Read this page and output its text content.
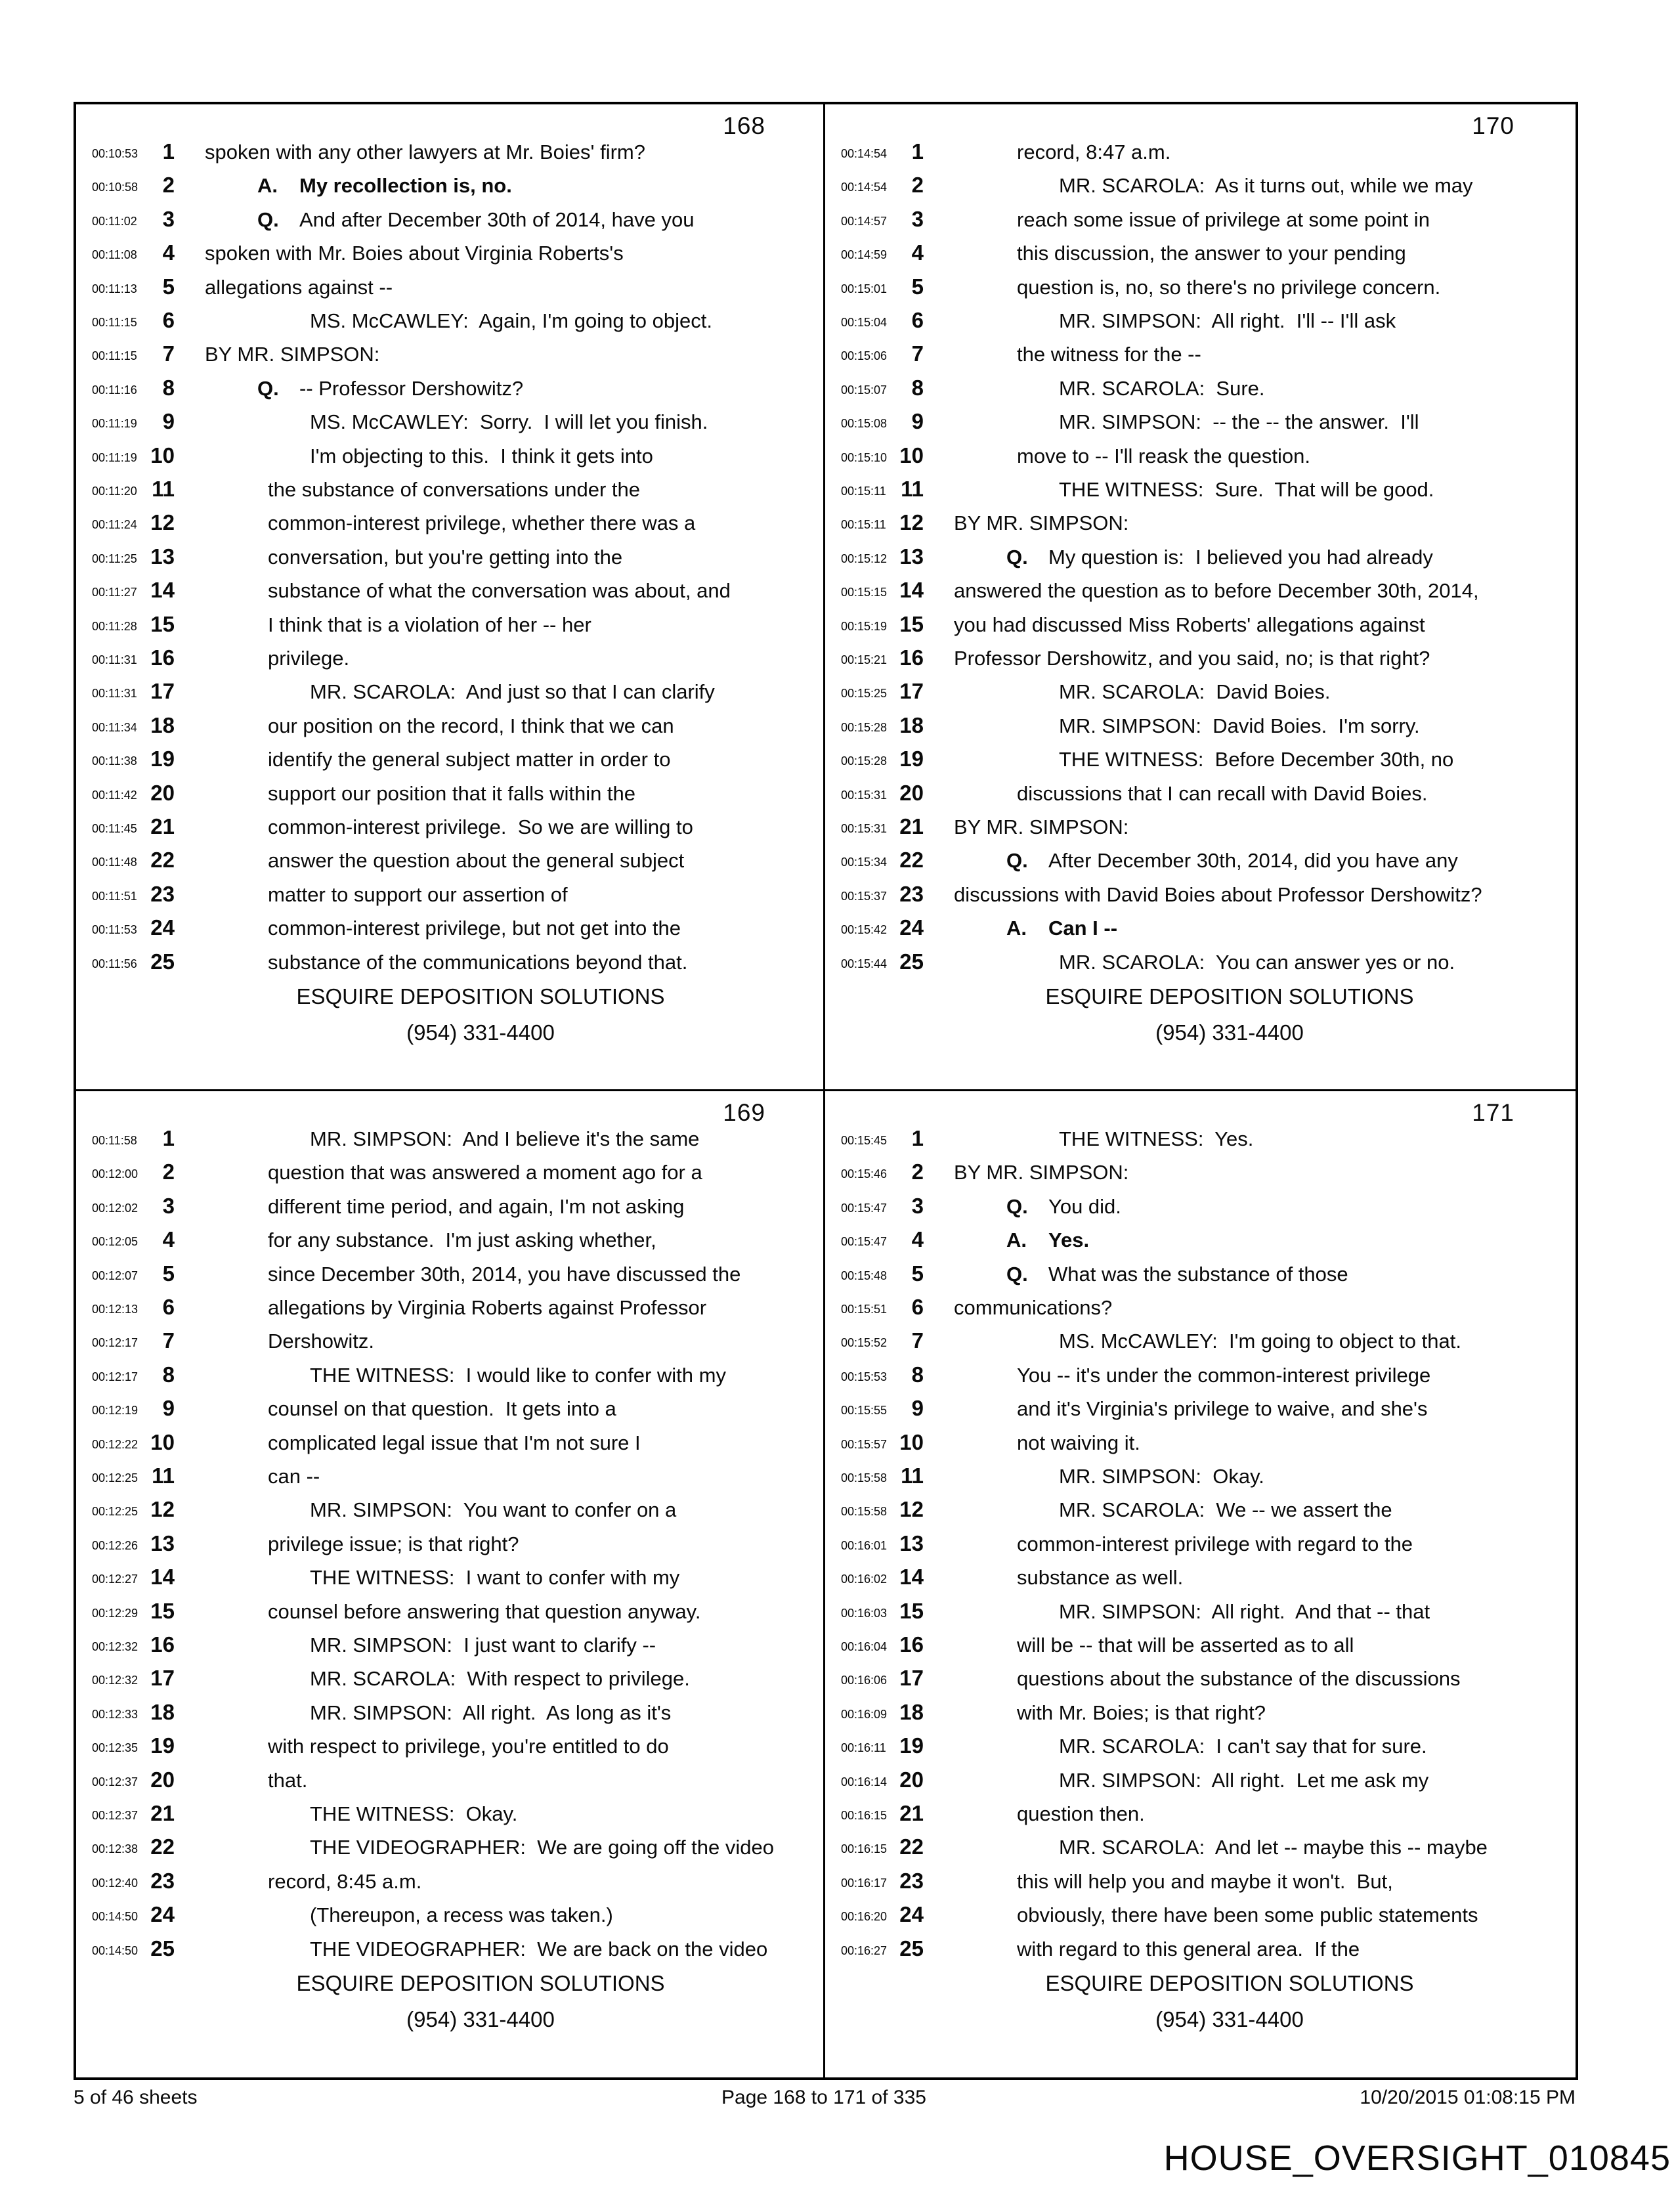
168
00:10:53	1 spoken with any other lawyers at Mr. Boies' firm?
00:10:58	2	A. My recollection is, no.
00:11:02	3	Q. And after December 30th of 2014, have you
00:11:08	4 spoken with Mr. Boies about Virginia Roberts's
00:11:13	5 allegations against --
00:11:15	6	MS. McCAWLEY:  Again, I'm going to object.
00:11:15	7 BY MR. SIMPSON:
00:11:16	8	Q. -- Professor Dershowitz?
00:11:19	9	MS. McCAWLEY:  Sorry.  I will let you finish.
00:11:19 10	I'm objecting to this.  I think it gets into
00:11:20 11	the substance of conversations under the
00:11:24 12	common-interest privilege, whether there was a
00:11:25 13	conversation, but you're getting into the
00:11:27 14	substance of what the conversation was about, and
00:11:28 15	I think that is a violation of her -- her
00:11:31 16	privilege.
00:11:31 17	MR. SCAROLA:  And just so that I can clarify
00:11:34 18	our position on the record, I think that we can
00:11:38 19	identify the general subject matter in order to
00:11:42 20	support our position that it falls within the
00:11:45 21	common-interest privilege.  So we are willing to
00:11:48 22	answer the question about the general subject
00:11:51 23	matter to support our assertion of
00:11:53 24	common-interest privilege, but not get into the
00:11:56 25	substance of the communications beyond that.
ESQUIRE DEPOSITION SOLUTIONS
(954) 331-4400
170
00:14:54	1	record, 8:47 a.m.
00:14:54	2	MR. SCAROLA:  As it turns out, while we may
00:14:57	3	reach some issue of privilege at some point in
00:14:59	4	this discussion, the answer to your pending
00:15:01	5	question is, no, so there's no privilege concern.
00:15:04	6	MR. SIMPSON:  All right.  I'll -- I'll ask
00:15:06	7	the witness for the --
00:15:07	8	MR. SCAROLA:  Sure.
00:15:08	9	MR. SIMPSON:  -- the -- the answer.  I'll
00:15:10 10	move to -- I'll reask the question.
00:15:11 11	THE WITNESS:  Sure.  That will be good.
00:15:11 12 BY MR. SIMPSON:
00:15:12 13	Q. My question is:  I believed you had already
00:15:15 14 answered the question as to before December 30th, 2014,
00:15:19 15 you had discussed Miss Roberts' allegations against
00:15:21 16 Professor Dershowitz, and you said, no; is that right?
00:15:25 17	MR. SCAROLA:  David Boies.
00:15:28 18	MR. SIMPSON:  David Boies.  I'm sorry.
00:15:28 19	THE WITNESS:  Before December 30th, no
00:15:31 20	discussions that I can recall with David Boies.
00:15:31 21 BY MR. SIMPSON:
00:15:34 22	Q. After December 30th, 2014, did you have any
00:15:37 23 discussions with David Boies about Professor Dershowitz?
00:15:42 24	A. Can I --
00:15:44 25	MR. SCAROLA:  You can answer yes or no.
ESQUIRE DEPOSITION SOLUTIONS
(954) 331-4400
169
00:11:58	1	MR. SIMPSON:  And I believe it's the same
00:12:00	2	question that was answered a moment ago for a
00:12:02	3	different time period, and again, I'm not asking
00:12:05	4	for any substance.  I'm just asking whether,
00:12:07	5	since December 30th, 2014, you have discussed the
00:12:13	6	allegations by Virginia Roberts against Professor
00:12:17	7	Dershowitz.
00:12:17	8	THE WITNESS:  I would like to confer with my
00:12:19	9	counsel on that question.  It gets into a
00:12:22 10	complicated legal issue that I'm not sure I
00:12:25 11	can --
00:12:25 12	MR. SIMPSON:  You want to confer on a
00:12:26 13	privilege issue; is that right?
00:12:27 14	THE WITNESS:  I want to confer with my
00:12:29 15	counsel before answering that question anyway.
00:12:32 16	MR. SIMPSON:  I just want to clarify --
00:12:32 17	MR. SCAROLA:  With respect to privilege.
00:12:33 18	MR. SIMPSON:  All right.  As long as it's
00:12:35 19	with respect to privilege, you're entitled to do
00:12:37 20	that.
00:12:37 21	THE WITNESS:  Okay.
00:12:38 22	THE VIDEOGRAPHER:  We are going off the video
00:12:40 23	record, 8:45 a.m.
00:14:50 24	(Thereupon, a recess was taken.)
00:14:50 25	THE VIDEOGRAPHER:  We are back on the video
ESQUIRE DEPOSITION SOLUTIONS
(954) 331-4400
171
00:15:45	1	THE WITNESS:  Yes.
00:15:46	2 BY MR. SIMPSON:
00:15:47	3	Q. You did.
00:15:47	4	A. Yes.
00:15:48	5	Q. What was the substance of those
00:15:51	6 communications?
00:15:52	7	MS. McCAWLEY:  I'm going to object to that.
00:15:53	8	You -- it's under the common-interest privilege
00:15:55	9	and it's Virginia's privilege to waive, and she's
00:15:57 10	not waiving it.
00:15:58 11	MR. SIMPSON:  Okay.
00:15:58 12	MR. SCAROLA:  We -- we assert the
00:16:01 13	common-interest privilege with regard to the
00:16:02 14	substance as well.
00:16:03 15	MR. SIMPSON:  All right.  And that -- that
00:16:04 16	will be -- that will be asserted as to all
00:16:06 17	questions about the substance of the discussions
00:16:09 18	with Mr. Boies; is that right?
00:16:11 19	MR. SCAROLA:  I can't say that for sure.
00:16:14 20	MR. SIMPSON:  All right.  Let me ask my
00:16:15 21	question then.
00:16:15 22	MR. SCAROLA:  And let -- maybe this -- maybe
00:16:17 23	this will help you and maybe it won't.  But,
00:16:20 24	obviously, there have been some public statements
00:16:27 25	with regard to this general area.  If the
ESQUIRE DEPOSITION SOLUTIONS
(954) 331-4400
5 of 46 sheets	Page 168 to 171 of 335	10/20/2015 01:08:15 PM
HOUSE_OVERSIGHT_010845
